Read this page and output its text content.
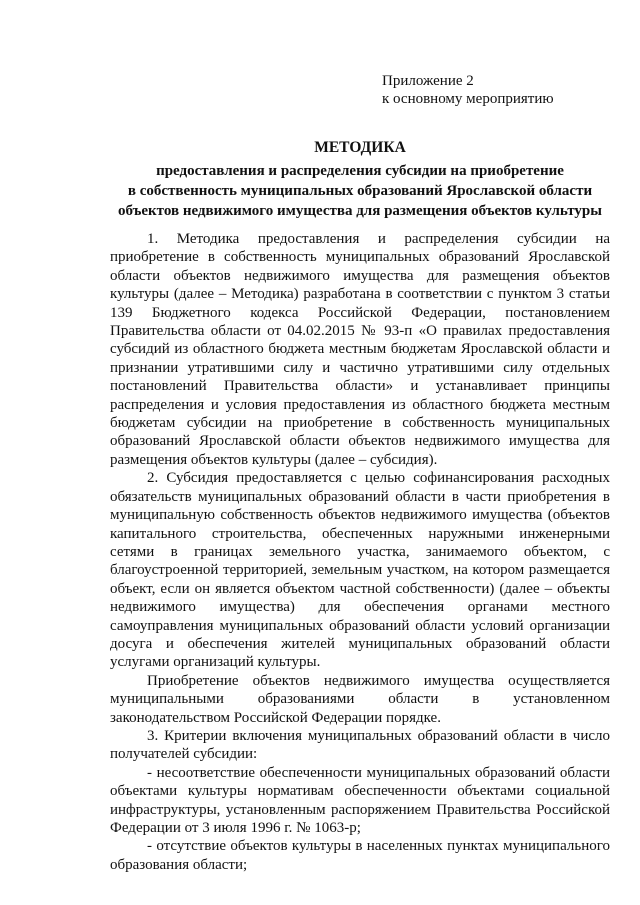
Приложение 2
к основному мероприятию
МЕТОДИКА
предоставления и распределения субсидии на приобретение
в собственность муниципальных образований Ярославской области
объектов недвижимого имущества для размещения объектов культуры

1. Методика предоставления и распределения субсидии на приобретение в собственность муниципальных образований Ярославской области объектов недвижимого имущества для размещения объектов культуры (далее – Методика) разработана в соответствии с пунктом 3 статьи 139 Бюджетного кодекса Российской Федерации, постановлением Правительства области от 04.02.2015 № 93-п «О правилах предоставления субсидий из областного бюджета местным бюджетам Ярославской области и признании утратившими силу и частично утратившими силу отдельных постановлений Правительства области» и устанавливает принципы распределения и условия предоставления из областного бюджета местным бюджетам субсидии на приобретение в собственность муниципальных образований Ярославской области объектов недвижимого имущества для размещения объектов культуры (далее – субсидия).

2. Субсидия предоставляется с целью софинансирования расходных обязательств муниципальных образований области в части приобретения в муниципальную собственность объектов недвижимого имущества (объектов капитального строительства, обеспеченных наружными инженерными сетями в границах земельного участка, занимаемого объектом, с благоустроенной территорией, земельным участком, на котором размещается объект, если он является объектом частной собственности) (далее – объекты недвижимого имущества) для обеспечения органами местного самоуправления муниципальных образований области условий организации досуга и обеспечения жителей муниципальных образований области услугами организаций культуры.

Приобретение объектов недвижимого имущества осуществляется муниципальными образованиями области в установленном законодательством Российской Федерации порядке.

3. Критерии включения муниципальных образований области в число получателей субсидии:

- несоответствие обеспеченности муниципальных образований области объектами культуры нормативам обеспеченности объектами социальной инфраструктуры, установленным распоряжением Правительства Российской Федерации от 3 июля 1996 г. № 1063-р;

- отсутствие объектов культуры в населенных пунктах муниципального образования области;
